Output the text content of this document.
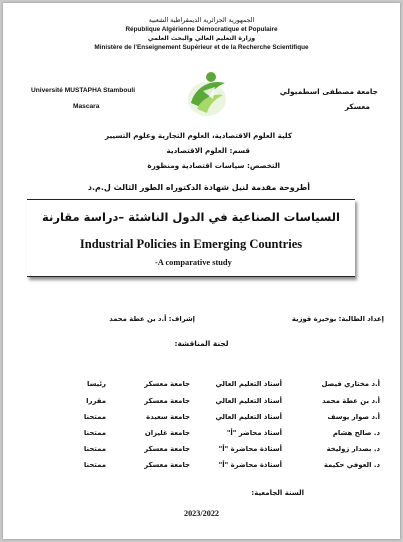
الجمهورية الجزائرية الديمقراطية الشعبية
République Algérienne Démocratique et Populaire
وزارة التعليم العالي والبحث العلمي
Ministère de l’Enseignement Supérieur et de la Recherche Scientifique
Université MUSTAPHA Stambouli
Mascara
جامعة مصطفى اسطمبولي
معسكر
كلية العلوم الاقتصادية، العلوم التجارية وعلوم التسيير
قسم: العلوم الاقتصادية
التخصص: سياسات اقتصادية ومنظورة
أطروحة مقدمة لنيل شهادة الدكتوراه الطور الثالث ل.م.د
السياسات الصناعية في الدول الناشئة –دراسة مقارنة
Industrial Policies in Emerging Countries
-A comparative study
إعداد الطالبة: بوخيزة فوزية
إشراف: أ.د بن عطة محمد
لجنة المناقشة:
أ.د مختاري فيصل
أستاذ التعليم العالي
جامعة معسكر
رئيسا
أ.د بن عطة محمد
أستاذ التعليم العالي
جامعة معسكر
مقررا
أ.د صوار يوسف
أستاذ التعليم العالي
جامعة سعيدة
ممتحنا
د. صالح هشام
أستاذ محاضر "أ"
جامعة غليزان
ممتحنا
د. بصدار زوليخة
أستاذة محاضرة "أ"
جامعة معسكر
ممتحنا
د. العوفي حكيمة
أستاذة محاضرة "أ"
جامعة معسكر
ممتحنا
السنة الجامعية:
2023/2022
